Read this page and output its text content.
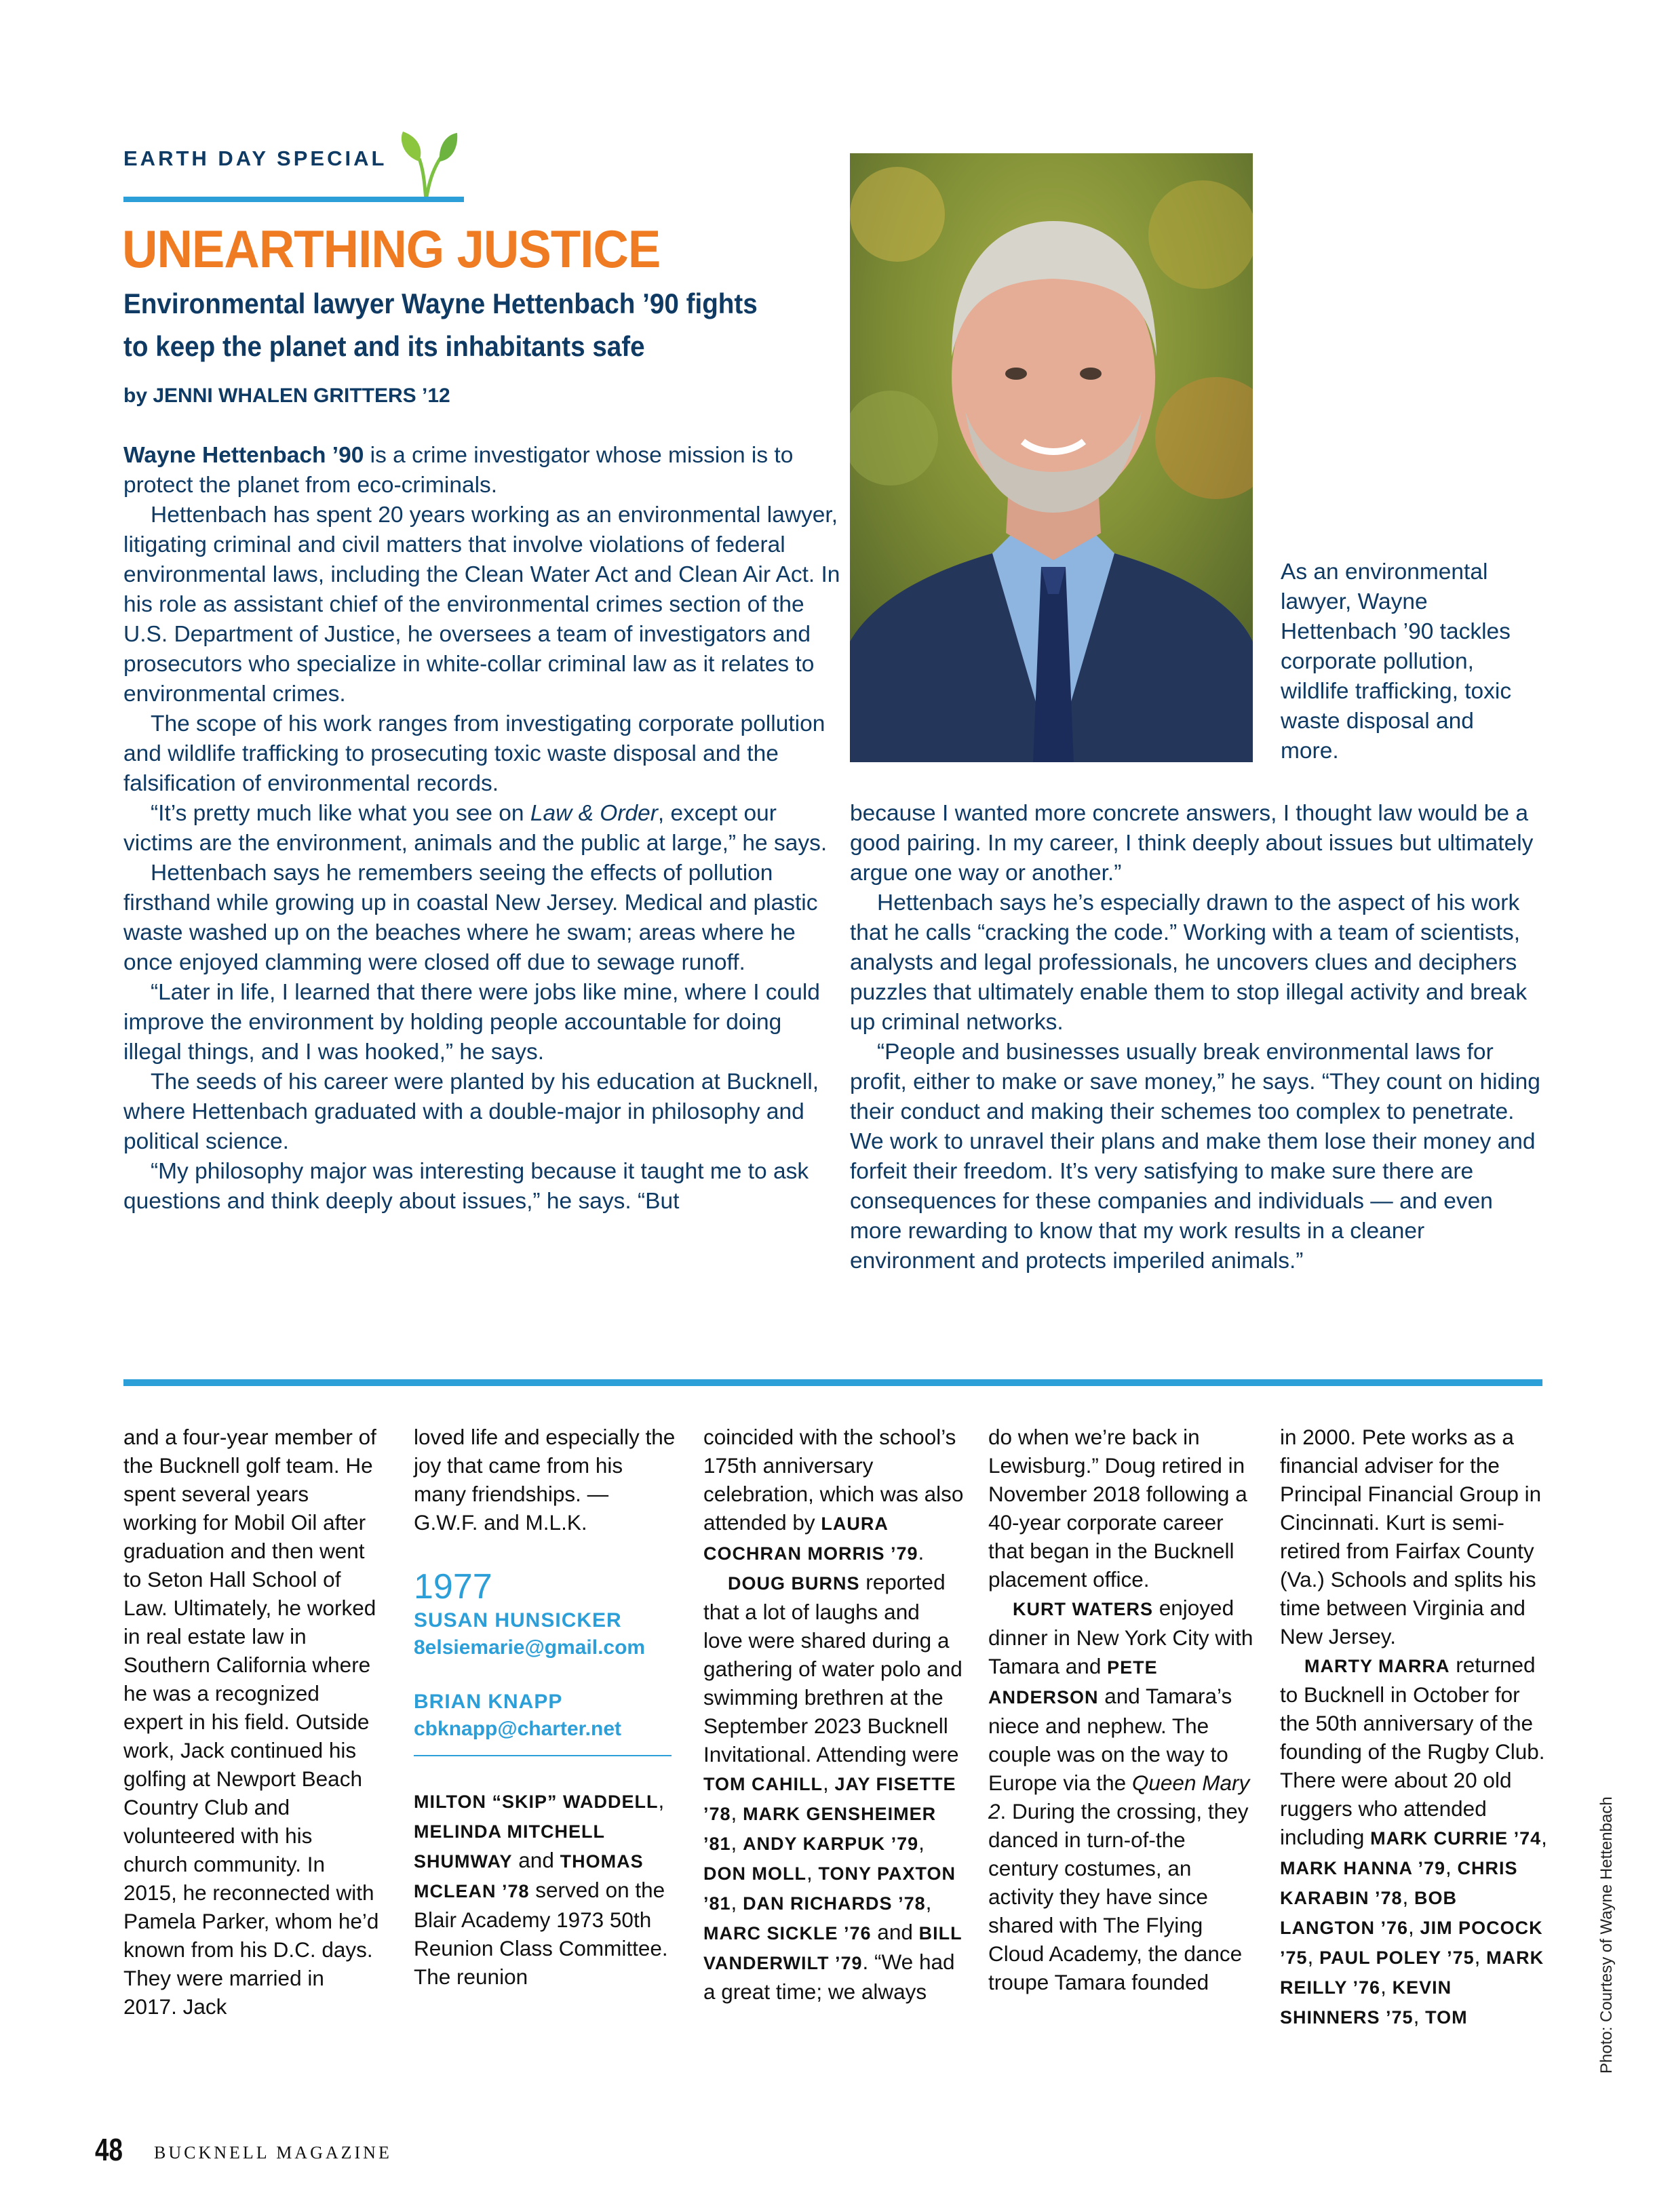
EARTH DAY SPECIAL
UNEARTHING JUSTICE
Environmental lawyer Wayne Hettenbach ’90 fights to keep the planet and its inhabitants safe
by JENNI WHALEN GRITTERS ’12

Wayne Hettenbach ’90 is a crime investigator whose mission is to protect the planet from eco-criminals.

Hettenbach has spent 20 years working as an environmental lawyer, litigating criminal and civil matters that involve violations of federal environmental laws, including the Clean Water Act and Clean Air Act. In his role as assistant chief of the environmental crimes section of the U.S. Department of Justice, he oversees a team of investigators and prosecutors who specialize in white-collar criminal law as it relates to environmental crimes.

The scope of his work ranges from investigating corporate pollution and wildlife trafficking to prosecuting toxic waste disposal and the falsification of environmental records.

“It’s pretty much like what you see on Law & Order, except our victims are the environment, animals and the public at large,” he says.

Hettenbach says he remembers seeing the effects of pollution firsthand while growing up in coastal New Jersey. Medical and plastic waste washed up on the beaches where he swam; areas where he once enjoyed clamming were closed off due to sewage runoff.

“Later in life, I learned that there were jobs like mine, where I could improve the environment by holding people accountable for doing illegal things, and I was hooked,” he says.

The seeds of his career were planted by his education at Bucknell, where Hettenbach graduated with a double-major in philosophy and political science.

“My philosophy major was interesting because it taught me to ask questions and think deeply about issues,” he says. “But

As an environmental lawyer, Wayne Hettenbach ’90 tackles corporate pollution, wildlife trafficking, toxic waste disposal and more.

because I wanted more concrete answers, I thought law would be a good pairing. In my career, I think deeply about issues but ultimately argue one way or another.”

Hettenbach says he’s especially drawn to the aspect of his work that he calls “cracking the code.” Working with a team of scientists, analysts and legal professionals, he uncovers clues and deciphers puzzles that ultimately enable them to stop illegal activity and break up criminal networks.

“People and businesses usually break environmental laws for profit, either to make or save money,” he says. “They count on hiding their conduct and making their schemes too complex to penetrate. We work to unravel their plans and make them lose their money and forfeit their freedom. It’s very satisfying to make sure there are consequences for these companies and individuals — and even more rewarding to know that my work results in a cleaner environment and protects imperiled animals.”

and a four-year member of the Bucknell golf team. He spent several years working for Mobil Oil after graduation and then went to Seton Hall School of Law. Ultimately, he worked in real estate law in Southern California where he was a recognized expert in his field. Outside work, Jack continued his golfing at Newport Beach Country Club and volunteered with his church community. In 2015, he reconnected with Pamela Parker, whom he’d known from his D.C. days. They were married in 2017. Jack

loved life and especially the joy that came from his many friendships. — G.W.F. and M.L.K.

1977
SUSAN HUNSICKER
8elsiemarie@gmail.com
BRIAN KNAPP
cbknapp@charter.net

MILTON “SKIP” WADDELL, MELINDA MITCHELL SHUMWAY and THOMAS MCLEAN ’78 served on the Blair Academy 1973 50th Reunion Class Committee. The reunion

coincided with the school’s 175th anniversary celebration, which was also attended by LAURA COCHRAN MORRIS ’79.

DOUG BURNS reported that a lot of laughs and love were shared during a gathering of water polo and swimming brethren at the September 2023 Bucknell Invitational. Attending were TOM CAHILL, JAY FISETTE ’78, MARK GENSHEIMER ’81, ANDY KARPUK ’79, DON MOLL, TONY PAXTON ’81, DAN RICHARDS ’78, MARC SICKLE ’76 and BILL VANDERWILT ’79. “We had a great time; we always

do when we’re back in Lewisburg.” Doug retired in November 2018 following a 40-year corporate career that began in the Bucknell placement office.

KURT WATERS enjoyed dinner in New York City with Tamara and PETE ANDERSON and Tamara’s niece and nephew. The couple was on the way to Europe via the Queen Mary 2. During the crossing, they danced in turn-of-the century costumes, an activity they have since shared with The Flying Cloud Academy, the dance troupe Tamara founded

in 2000. Pete works as a financial adviser for the Principal Financial Group in Cincinnati. Kurt is semi-retired from Fairfax County (Va.) Schools and splits his time between Virginia and New Jersey.

MARTY MARRA returned to Bucknell in October for the 50th anniversary of the founding of the Rugby Club. There were about 20 old ruggers who attended including MARK CURRIE ’74, MARK HANNA ’79, CHRIS KARABIN ’78, BOB LANGTON ’76, JIM POCOCK ’75, PAUL POLEY ’75, MARK REILLY ’76, KEVIN SHINNERS ’75, TOM	Photo: Courtesy of Wayne Hettenbach
48 BUCKNELL MAGAZINE
